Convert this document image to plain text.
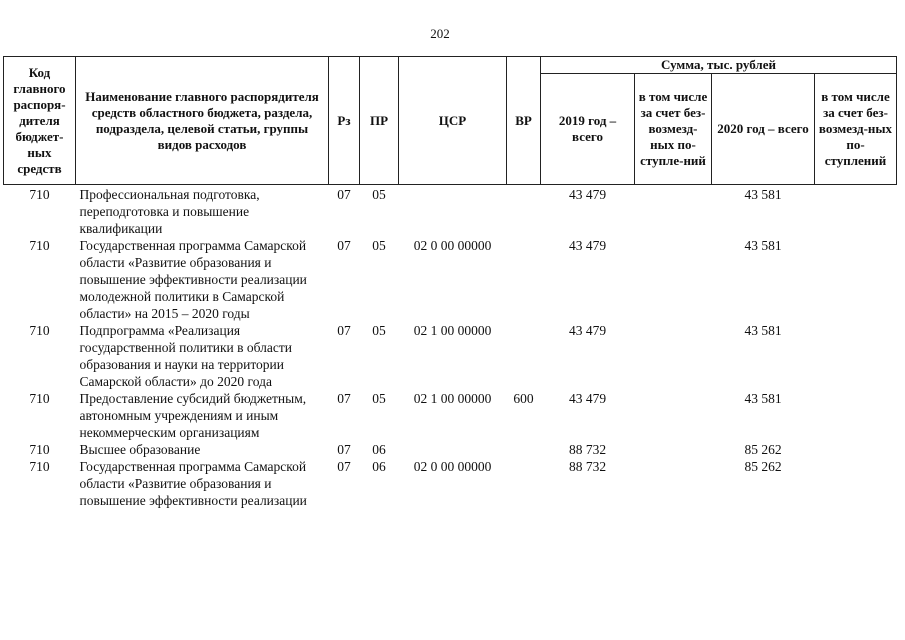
202
Код главного распоря-дителя бюджет-ных средств	Наименование главного распорядителя средств областного бюджета, раздела, подраздела, целевой статьи, группы видов расходов	Рз	ПР	ЦСР	ВР	Сумма, тыс. рублей			
						2019 год – всего	в том числе за счет без-возмезд-ных по-ступле-ний	2020 год – всего	в том числе за счет без-возмезд-ных по-ступлений
710	Профессиональная подготовка, переподготовка и повышение квалификации	07	05			43 479		43 581	
710	Государственная программа Самарской области «Развитие образования и повышение эффективности реализации молодежной политики в Самарской области» на 2015 – 2020 годы	07	05	02 0 00 00000		43 479		43 581	
710	Подпрограмма «Реализация государственной политики в области образования и науки на территории Самарской области» до 2020 года	07	05	02 1 00 00000		43 479		43 581	
710	Предоставление субсидий бюджетным, автономным учреждениям и иным некоммерческим организациям	07	05	02 1 00 00000	600	43 479		43 581	
710	Высшее образование	07	06			88 732		85 262	
710	Государственная программа Самарской области «Развитие образования и повышение эффективности реализации	07	06	02 0 00 00000		88 732		85 262	
